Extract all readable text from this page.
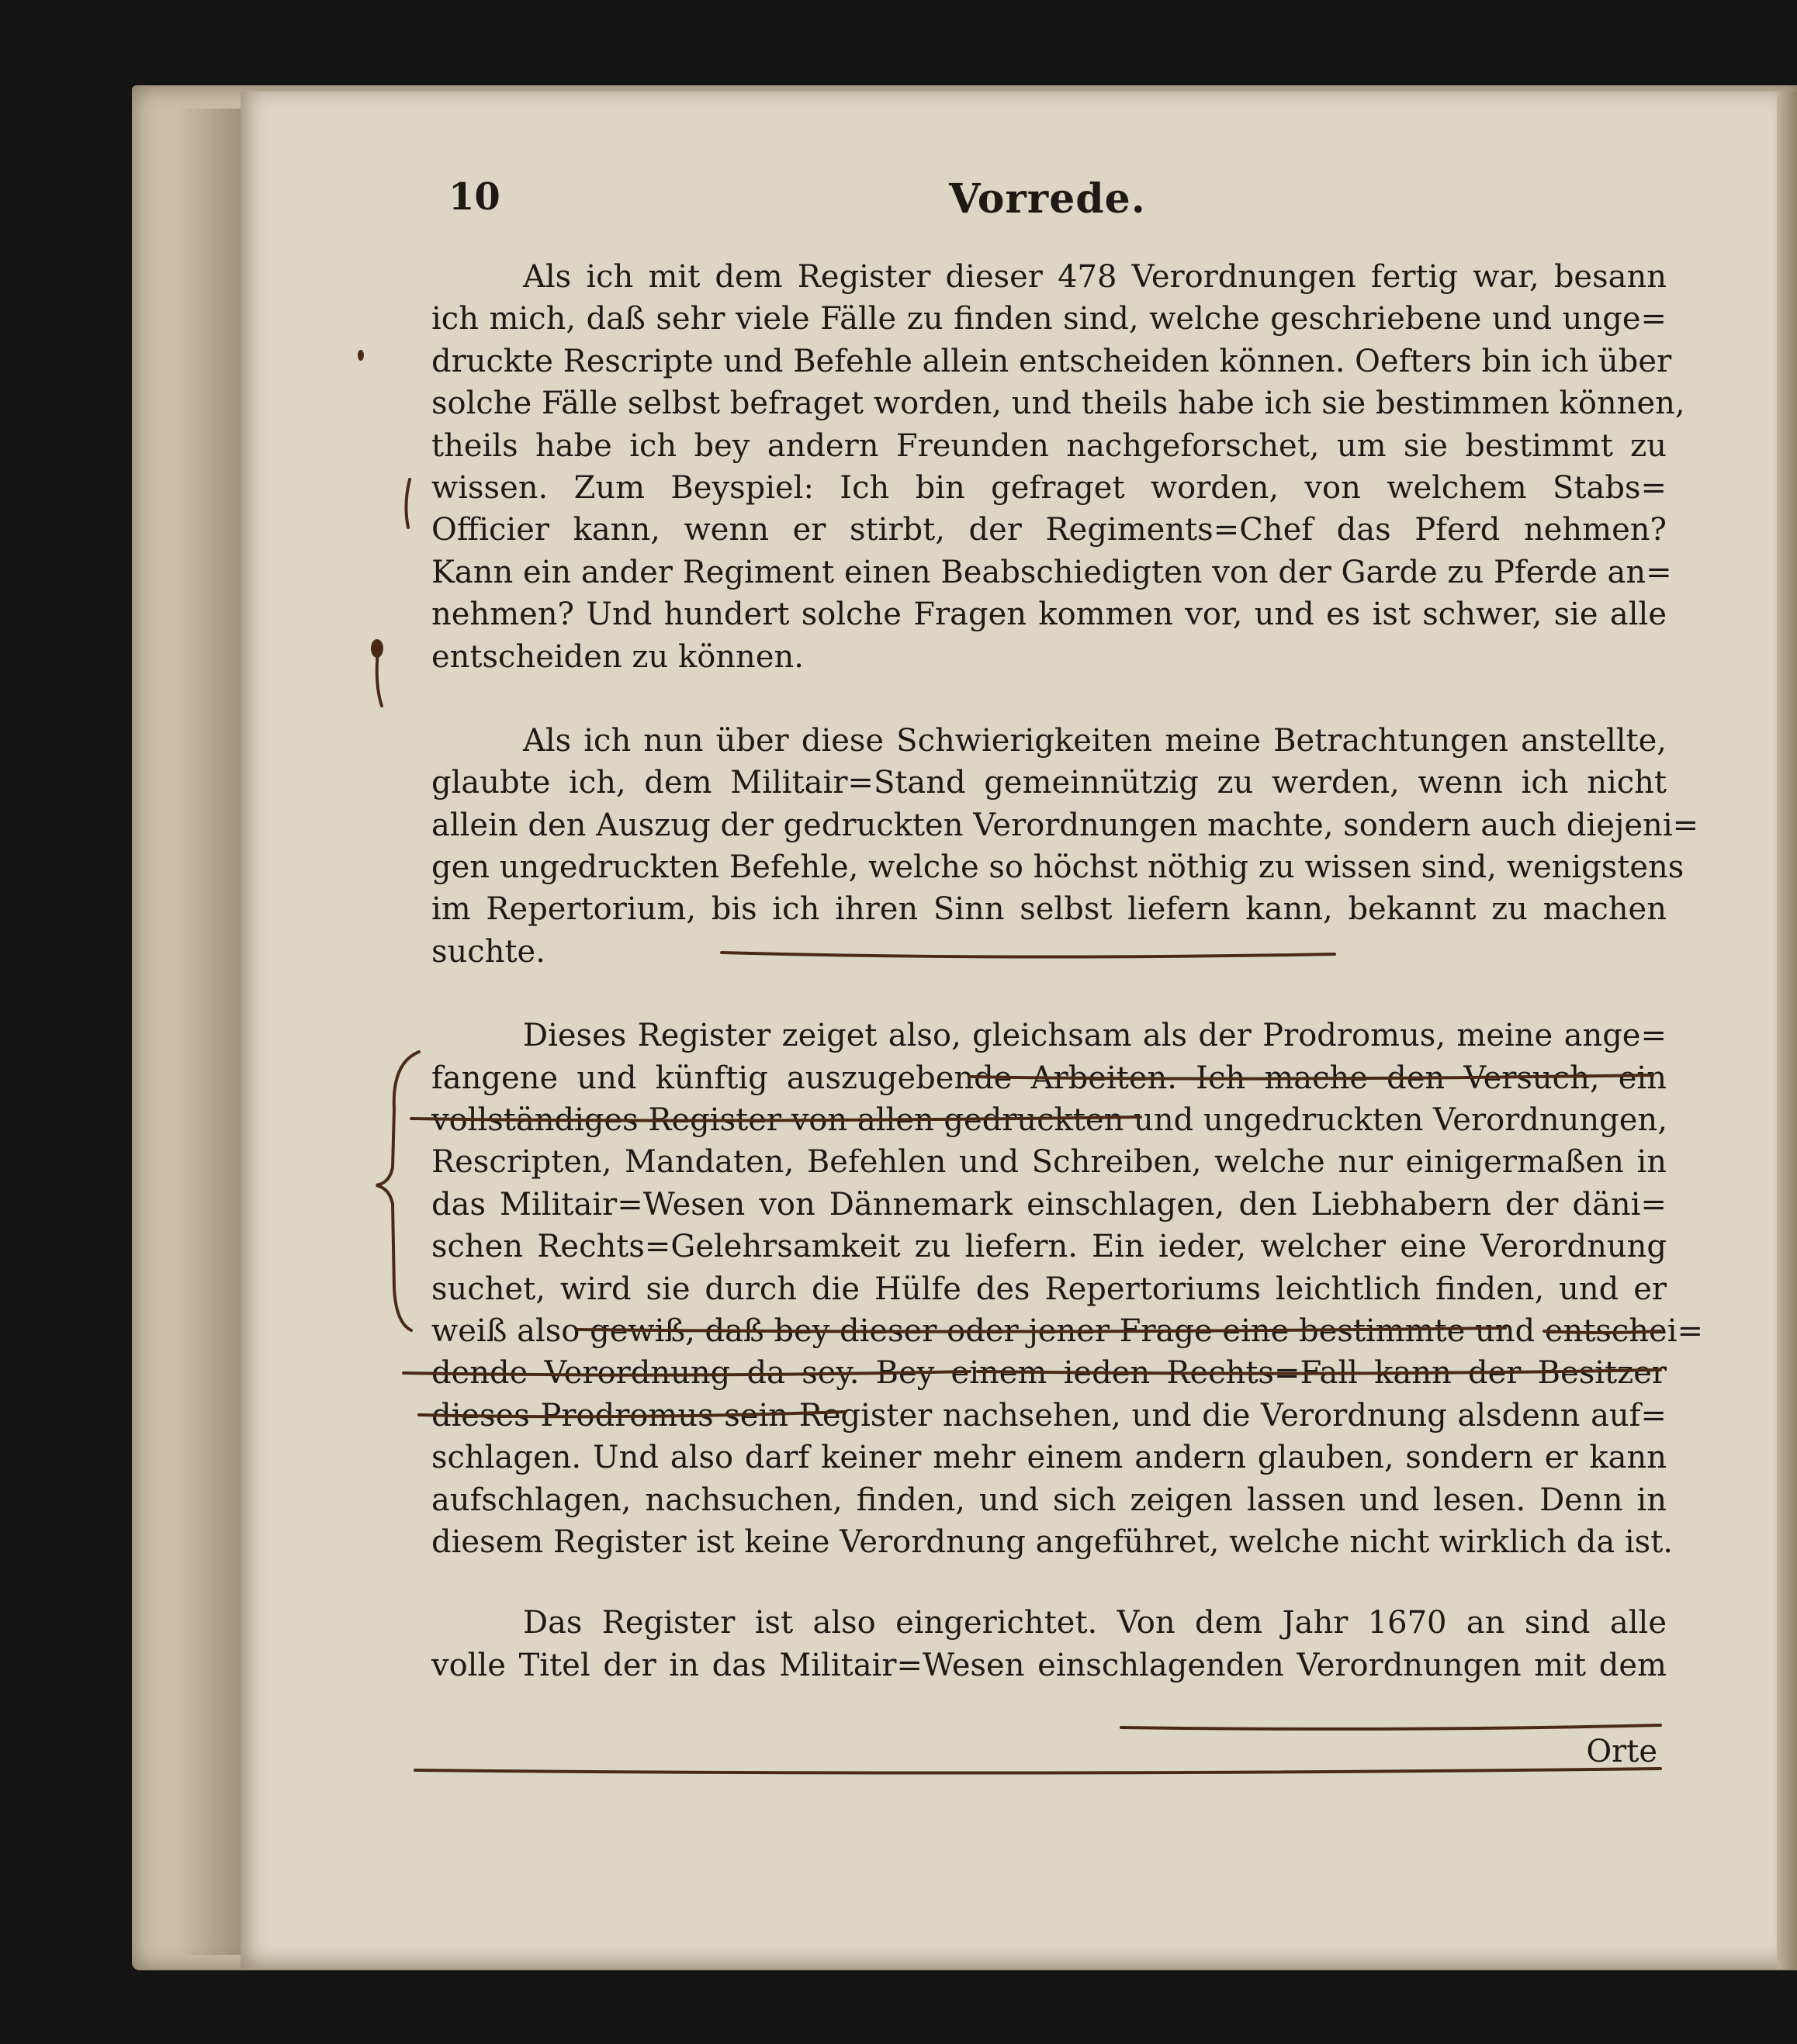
10	Vorrede.
Als ich mit dem Register dieser 478 Verordnungen fertig war, besann
ich mich, daß sehr viele Fälle zu finden sind, welche geschriebene und unge=
druckte Rescripte und Befehle allein entscheiden können. Oefters bin ich über
solche Fälle selbst befraget worden, und theils habe ich sie bestimmen können,
theils habe ich bey andern Freunden nachgeforschet, um sie bestimmt zu
wissen. Zum Beyspiel: Ich bin gefraget worden, von welchem Stabs=
Officier kann, wenn er stirbt, der Regiments=Chef das Pferd nehmen?
Kann ein ander Regiment einen Beabschiedigten von der Garde zu Pferde an=
nehmen? Und hundert solche Fragen kommen vor, und es ist schwer, sie alle
entscheiden zu können.
Als ich nun über diese Schwierigkeiten meine Betrachtungen anstellte,
glaubte ich, dem Militair=Stand gemeinnützig zu werden, wenn ich nicht
allein den Auszug der gedruckten Verordnungen machte, sondern auch diejeni=
gen ungedruckten Befehle, welche so höchst nöthig zu wissen sind, wenigstens
im Repertorium, bis ich ihren Sinn selbst liefern kann, bekannt zu machen
suchte.
Dieses Register zeiget also, gleichsam als der Prodromus, meine ange=
fangene und künftig auszugebende Arbeiten. Ich mache den Versuch, ein
vollständiges Register von allen gedruckten und ungedruckten Verordnungen,
Rescripten, Mandaten, Befehlen und Schreiben, welche nur einigermaßen in
das Militair=Wesen von Dännemark einschlagen, den Liebhabern der däni=
schen Rechts=Gelehrsamkeit zu liefern. Ein ieder, welcher eine Verordnung
suchet, wird sie durch die Hülfe des Repertoriums leichtlich finden, und er
weiß also gewiß, daß bey dieser oder jener Frage eine bestimmte und entschei=
dende Verordnung da sey. Bey einem ieden Rechts=Fall kann der Besitzer
dieses Prodromus sein Register nachsehen, und die Verordnung alsdenn auf=
schlagen. Und also darf keiner mehr einem andern glauben, sondern er kann
aufschlagen, nachsuchen, finden, und sich zeigen lassen und lesen. Denn in
diesem Register ist keine Verordnung angeführet, welche nicht wirklich da ist.
Das Register ist also eingerichtet. Von dem Jahr 1670 an sind alle
volle Titel der in das Militair=Wesen einschlagenden Verordnungen mit dem
Orte
